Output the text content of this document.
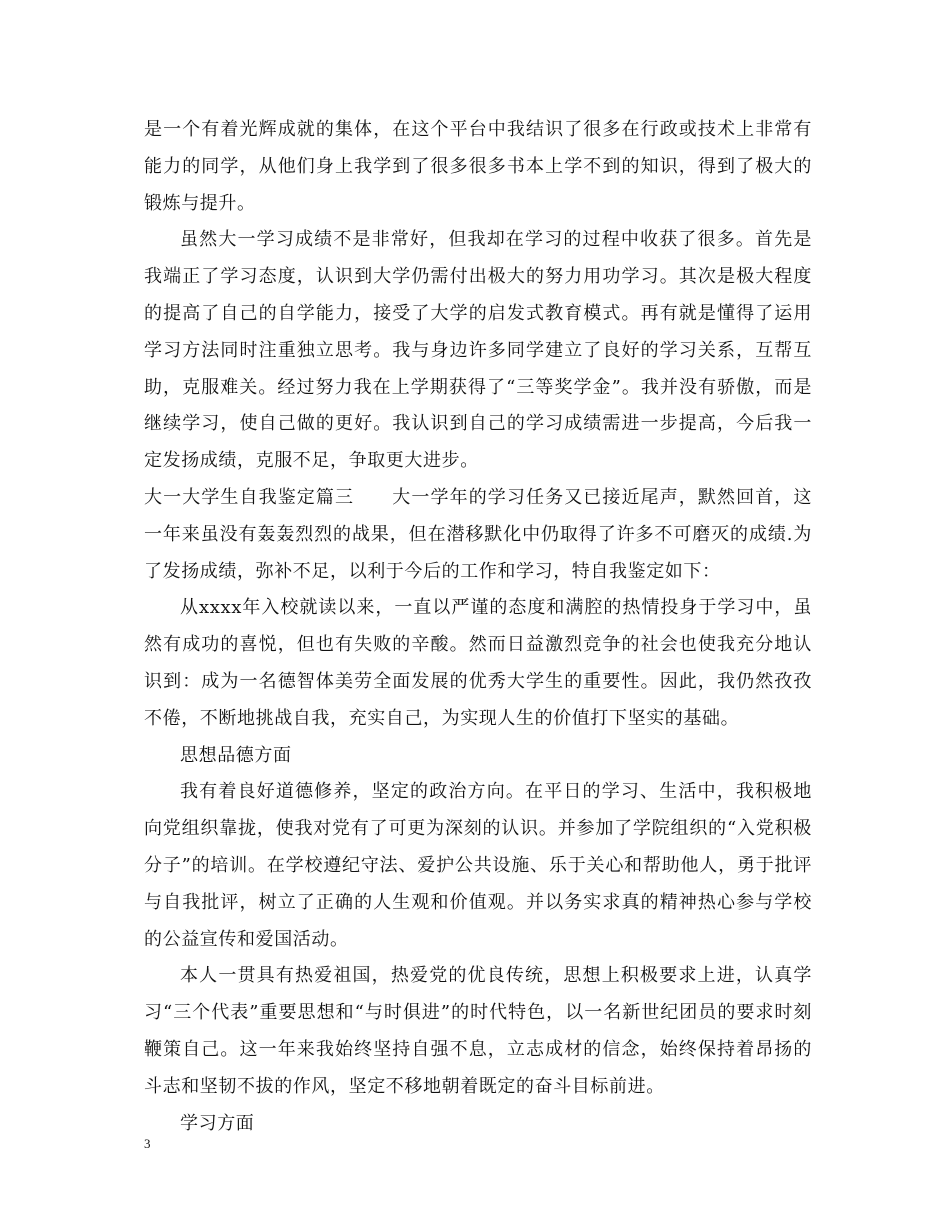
是一个有着光辉成就的集体，在这个平台中我结识了很多在行政或技术上非常有能力的同学，从他们身上我学到了很多很多书本上学不到的知识，得到了极大的锻炼与提升。

虽然大一学习成绩不是非常好，但我却在学习的过程中收获了很多。首先是我端正了学习态度，认识到大学仍需付出极大的努力用功学习。其次是极大程度的提高了自己的自学能力，接受了大学的启发式教育模式。再有就是懂得了运用学习方法同时注重独立思考。我与身边许多同学建立了良好的学习关系，互帮互助，克服难关。经过努力我在上学期获得了“三等奖学金”。我并没有骄傲，而是继续学习，使自己做的更好。我认识到自己的学习成绩需进一步提高，今后我一定发扬成绩，克服不足，争取更大进步。

大一大学生自我鉴定篇三　　大一学年的学习任务又已接近尾声，默然回首，这一年来虽没有轰轰烈烈的战果，但在潜移默化中仍取得了许多不可磨灭的成绩.为了发扬成绩，弥补不足，以利于今后的工作和学习，特自我鉴定如下：

从xxxx年入校就读以来，一直以严谨的态度和满腔的热情投身于学习中，虽然有成功的喜悦，但也有失败的辛酸。然而日益激烈竞争的社会也使我充分地认识到：成为一名德智体美劳全面发展的优秀大学生的重要性。因此，我仍然孜孜不倦，不断地挑战自我，充实自己，为实现人生的价值打下坚实的基础。

思想品德方面

我有着良好道德修养，坚定的政治方向。在平日的学习、生活中，我积极地向党组织靠拢，使我对党有了可更为深刻的认识。并参加了学院组织的“入党积极分子”的培训。在学校遵纪守法、爱护公共设施、乐于关心和帮助他人，勇于批评与自我批评，树立了正确的人生观和价值观。并以务实求真的精神热心参与学校的公益宣传和爱国活动。

本人一贯具有热爱祖国，热爱党的优良传统，思想上积极要求上进，认真学习“三个代表”重要思想和“与时俱进”的时代特色，以一名新世纪团员的要求时刻鞭策自己。这一年来我始终坚持自强不息，立志成材的信念，始终保持着昂扬的斗志和坚韧不拔的作风，坚定不移地朝着既定的奋斗目标前进。

学习方面

3
